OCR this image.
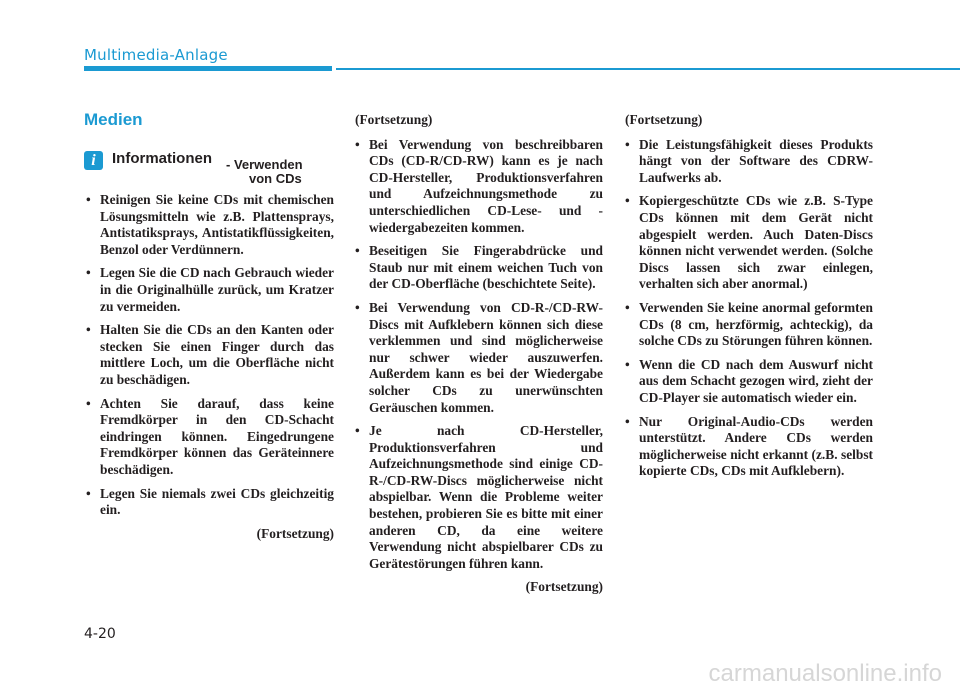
Multimedia-Anlage
Medien
i	Informationen - Verwenden
von CDs
• Reinigen Sie keine CDs mit chemischen Lösungsmitteln wie z.B. Plattensprays, Antistatiksprays, Antistatikflüssigkeiten, Benzol oder Verdünnern.
• Legen Sie die CD nach Gebrauch wieder in die Originalhülle zurück, um Kratzer zu vermeiden.
• Halten Sie die CDs an den Kanten oder stecken Sie einen Finger durch das mittlere Loch, um die Oberfläche nicht zu beschädigen.
• Achten Sie darauf, dass keine Fremdkörper in den CD-Schacht eindringen können. Eingedrungene Fremdkörper können das Geräteinnere beschädigen.
• Legen Sie niemals zwei CDs gleichzeitig ein.
(Fortsetzung)
(Fortsetzung)
• Bei Verwendung von beschreibbaren CDs (CD-R/CD-RW) kann es je nach CD-Hersteller, Produktionsverfahren und Aufzeichnungsmethode zu unterschiedlichen CD-Lese- und -wiedergabezeiten kommen.
• Beseitigen Sie Fingerabdrücke und Staub nur mit einem weichen Tuch von der CD-Oberfläche (beschichtete Seite).
• Bei Verwendung von CD-R-/CD-RW-Discs mit Aufklebern können sich diese verklemmen und sind möglicherweise nur schwer wieder auszuwerfen. Außerdem kann es bei der Wiedergabe solcher CDs zu unerwünschten Geräuschen kommen.
• Je nach CD-Hersteller, Produktionsverfahren und Aufzeichnungsmethode sind einige CD-R-/CD-RW-Discs möglicherweise nicht abspielbar. Wenn die Probleme weiter bestehen, probieren Sie es bitte mit einer anderen CD, da eine weitere Verwendung nicht abspielbarer CDs zu Gerätestörungen führen kann.
(Fortsetzung)
(Fortsetzung)
• Die Leistungsfähigkeit dieses Produkts hängt von der Software des CDRW-Laufwerks ab.
• Kopiergeschützte CDs wie z.B. S-Type CDs können mit dem Gerät nicht abgespielt werden. Auch Daten-Discs können nicht verwendet werden. (Solche Discs lassen sich zwar einlegen, verhalten sich aber anormal.)
• Verwenden Sie keine anormal geformten CDs (8 cm, herzförmig, achteckig), da solche CDs zu Störungen führen können.
• Wenn die CD nach dem Auswurf nicht aus dem Schacht gezogen wird, zieht der CD-Player sie automatisch wieder ein.
• Nur Original-Audio-CDs werden unterstützt. Andere CDs werden möglicherweise nicht erkannt (z.B. selbst kopierte CDs, CDs mit Aufklebern).
4-20
carmanualsonline.info
